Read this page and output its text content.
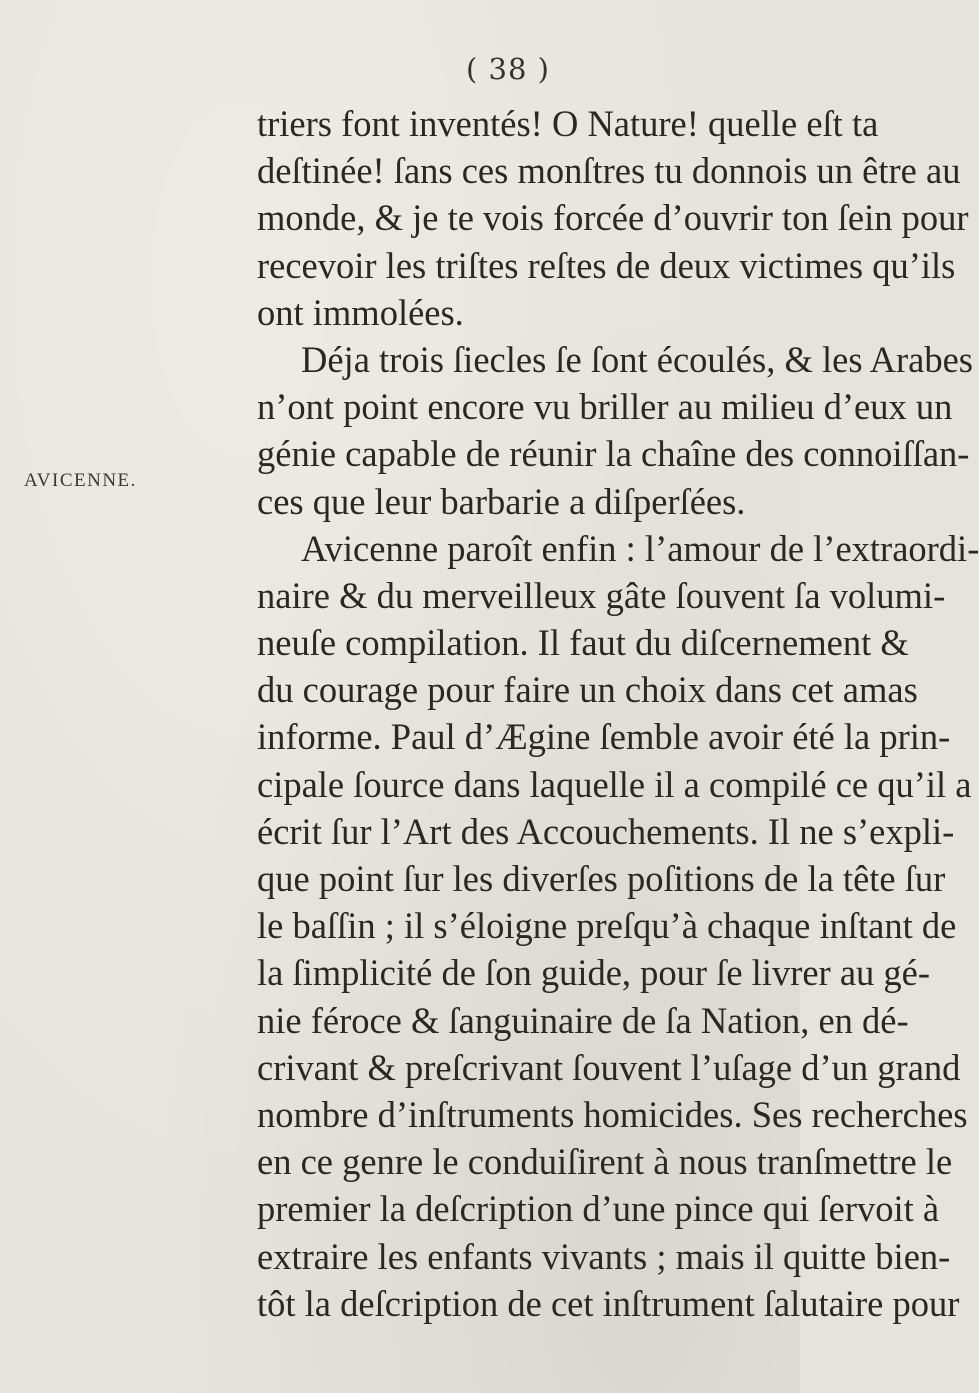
( 38 )
AVICENNE.
triers font inventés! O Nature! quelle eſt ta
deſtinée! ſans ces monſtres tu donnois un être au
monde, & je te vois forcée d’ouvrir ton ſein pour
recevoir les triſtes reſtes de deux victimes qu’ils
ont immolées.
Déja trois ſiecles ſe ſont écoulés, & les Arabes
n’ont point encore vu briller au milieu d’eux un
génie capable de réunir la chaîne des connoiſſan-
ces que leur barbarie a diſperſées.
Avicenne paroît enfin : l’amour de l’extraordi-
naire & du merveilleux gâte ſouvent ſa volumi-
neuſe compilation. Il faut du diſcernement &
du courage pour faire un choix dans cet amas
informe. Paul d’Ægine ſemble avoir été la prin-
cipale ſource dans laquelle il a compilé ce qu’il a
écrit ſur l’Art des Accouchements. Il ne s’expli-
que point ſur les diverſes poſitions de la tête ſur
le baſſin ; il s’éloigne preſqu’à chaque inſtant de
la ſimplicité de ſon guide, pour ſe livrer au gé-
nie féroce & ſanguinaire de ſa Nation, en dé-
crivant & preſcrivant ſouvent l’uſage d’un grand
nombre d’inſtruments homicides. Ses recherches
en ce genre le conduiſirent à nous tranſmettre le
premier la deſcription d’une pince qui ſervoit à
extraire les enfants vivants ; mais il quitte bien-
tôt la deſcription de cet inſtrument ſalutaire pour
